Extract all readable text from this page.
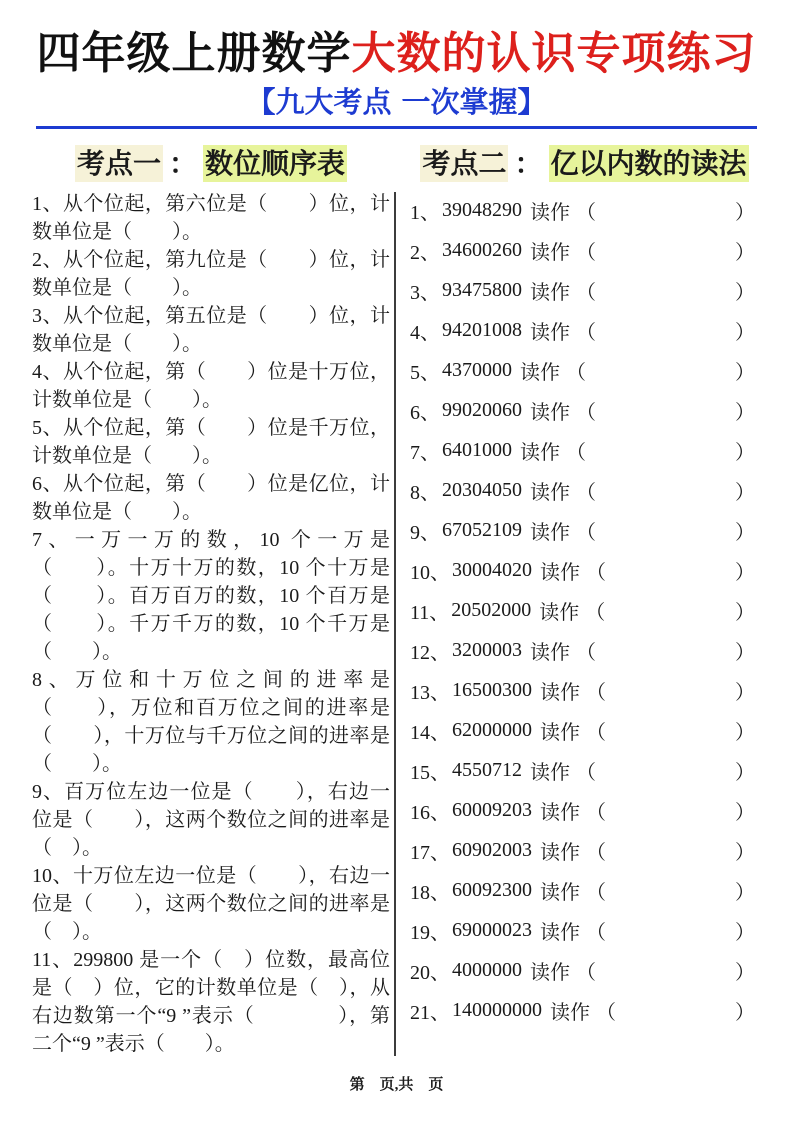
四年级上册数学大数的认识专项练习
【九大考点 一次掌握】
考点一 ： 数位顺序表	考点二 ： 亿以内数的读法

1、从个位起，第六位是（　　）位，计数单位是（　　）。

2、从个位起，第九位是（　　）位，计数单位是（　　）。

3、从个位起，第五位是（　　）位，计数单位是（　　）。

4、从个位起，第（　　）位是十万位，计数单位是（　　）。

5、从个位起，第（　　）位是千万位，计数单位是（　　）。

6、从个位起，第（　　）位是亿位，计数单位是（　　）。

7、一万一万的数，10 个一万是（　　）。十万十万的数，10 个十万是（　　）。百万百万的数，10 个百万是（　　）。千万千万的数，10 个千万是（　　）。

8、万位和十万位之间的进率是（　　），万位和百万位之间的进率是（　　），十万位与千万位之间的进率是（　　）。

9、百万位左边一位是（　　），右边一位是（　　），这两个数位之间的进率是（　）。

10、十万位左边一位是（　　），右边一位是（　　），这两个数位之间的进率是（　）。

11、299800 是一个（　）位数，最高位是（　）位，它的计数单位是（　），从右边数第一个“9 ”表示（　　　　），第二个“9 ”表示（　　）。

1、 39048290 读作 （	）
2、 34600260 读作 （	）
3、 93475800 读作 （	）
4、 94201008 读作 （	）
5、 4370000 读作 （	）
6、 99020060 读作 （	）
7、 6401000 读作 （	）
8、 20304050 读作 （	）
9、 67052109 读作 （	）
10、 30004020 读作 （	）
11、 20502000 读作 （	）
12、 3200003 读作 （	）
13、 16500300 读作 （	）
14、 62000000 读作 （	）
15、 4550712 读作 （	）
16、 60009203 读作 （	）
17、 60902003 读作 （	）
18、 60092300 读作 （	）
19、 69000023 读作 （	）
20、 4000000 读作 （	）
21、 140000000 读作 （	）
第　页,共　页
